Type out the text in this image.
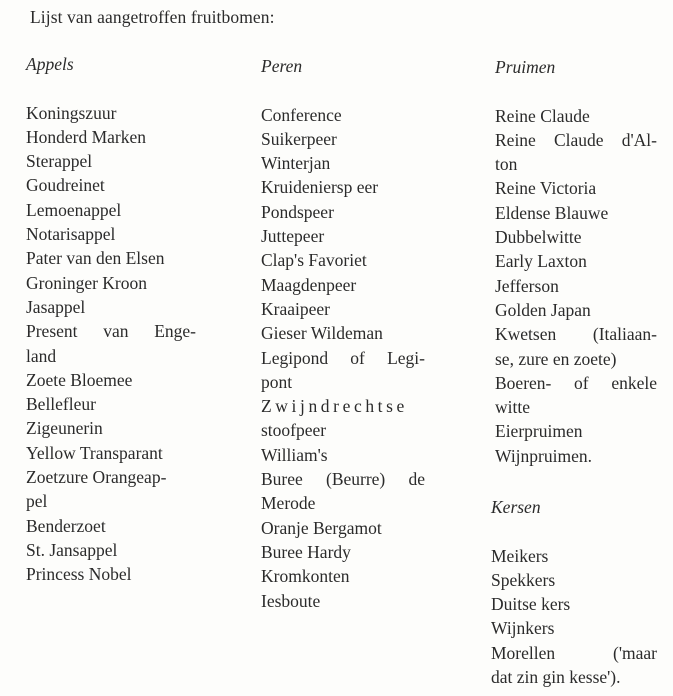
Lijst van aangetroffen fruitbomen:
Appels
Koningszuur
Honderd Marken
Sterappel
Goudreinet
Lemoenappel
Notarisappel
Pater van den Elsen
Groninger Kroon
Jasappel
Present van Enge-
land
Zoete Bloemee
Bellefleur
Zigeunerin
Yellow Transparant
Zoetzure Orangeap-
pel
Benderzoet
St. Jansappel
Princess Nobel
Peren
Conference
Suikerpeer
Winterjan
Kruideniersp eer
Pondspeer
Juttepeer
Clap's Favoriet
Maagdenpeer
Kraaipeer
Gieser Wildeman
Legipond of Legi-
pont
Zwijndrechtse
stoofpeer
William's
Buree (Beurre) de
Merode
Oranje Bergamot
Buree Hardy
Kromkonten
Iesboute
Pruimen
Reine Claude
Reine Claude d'Al-
ton
Reine Victoria
Eldense Blauwe
Dubbelwitte
Early Laxton
Jefferson
Golden Japan
Kwetsen (Italiaan-
se, zure en zoete)
Boeren- of enkele
witte
Eierpruimen
Wijnpruimen.
Kersen
Meikers
Spekkers
Duitse kers
Wijnkers
Morellen ('maar
dat zin gin kesse').
